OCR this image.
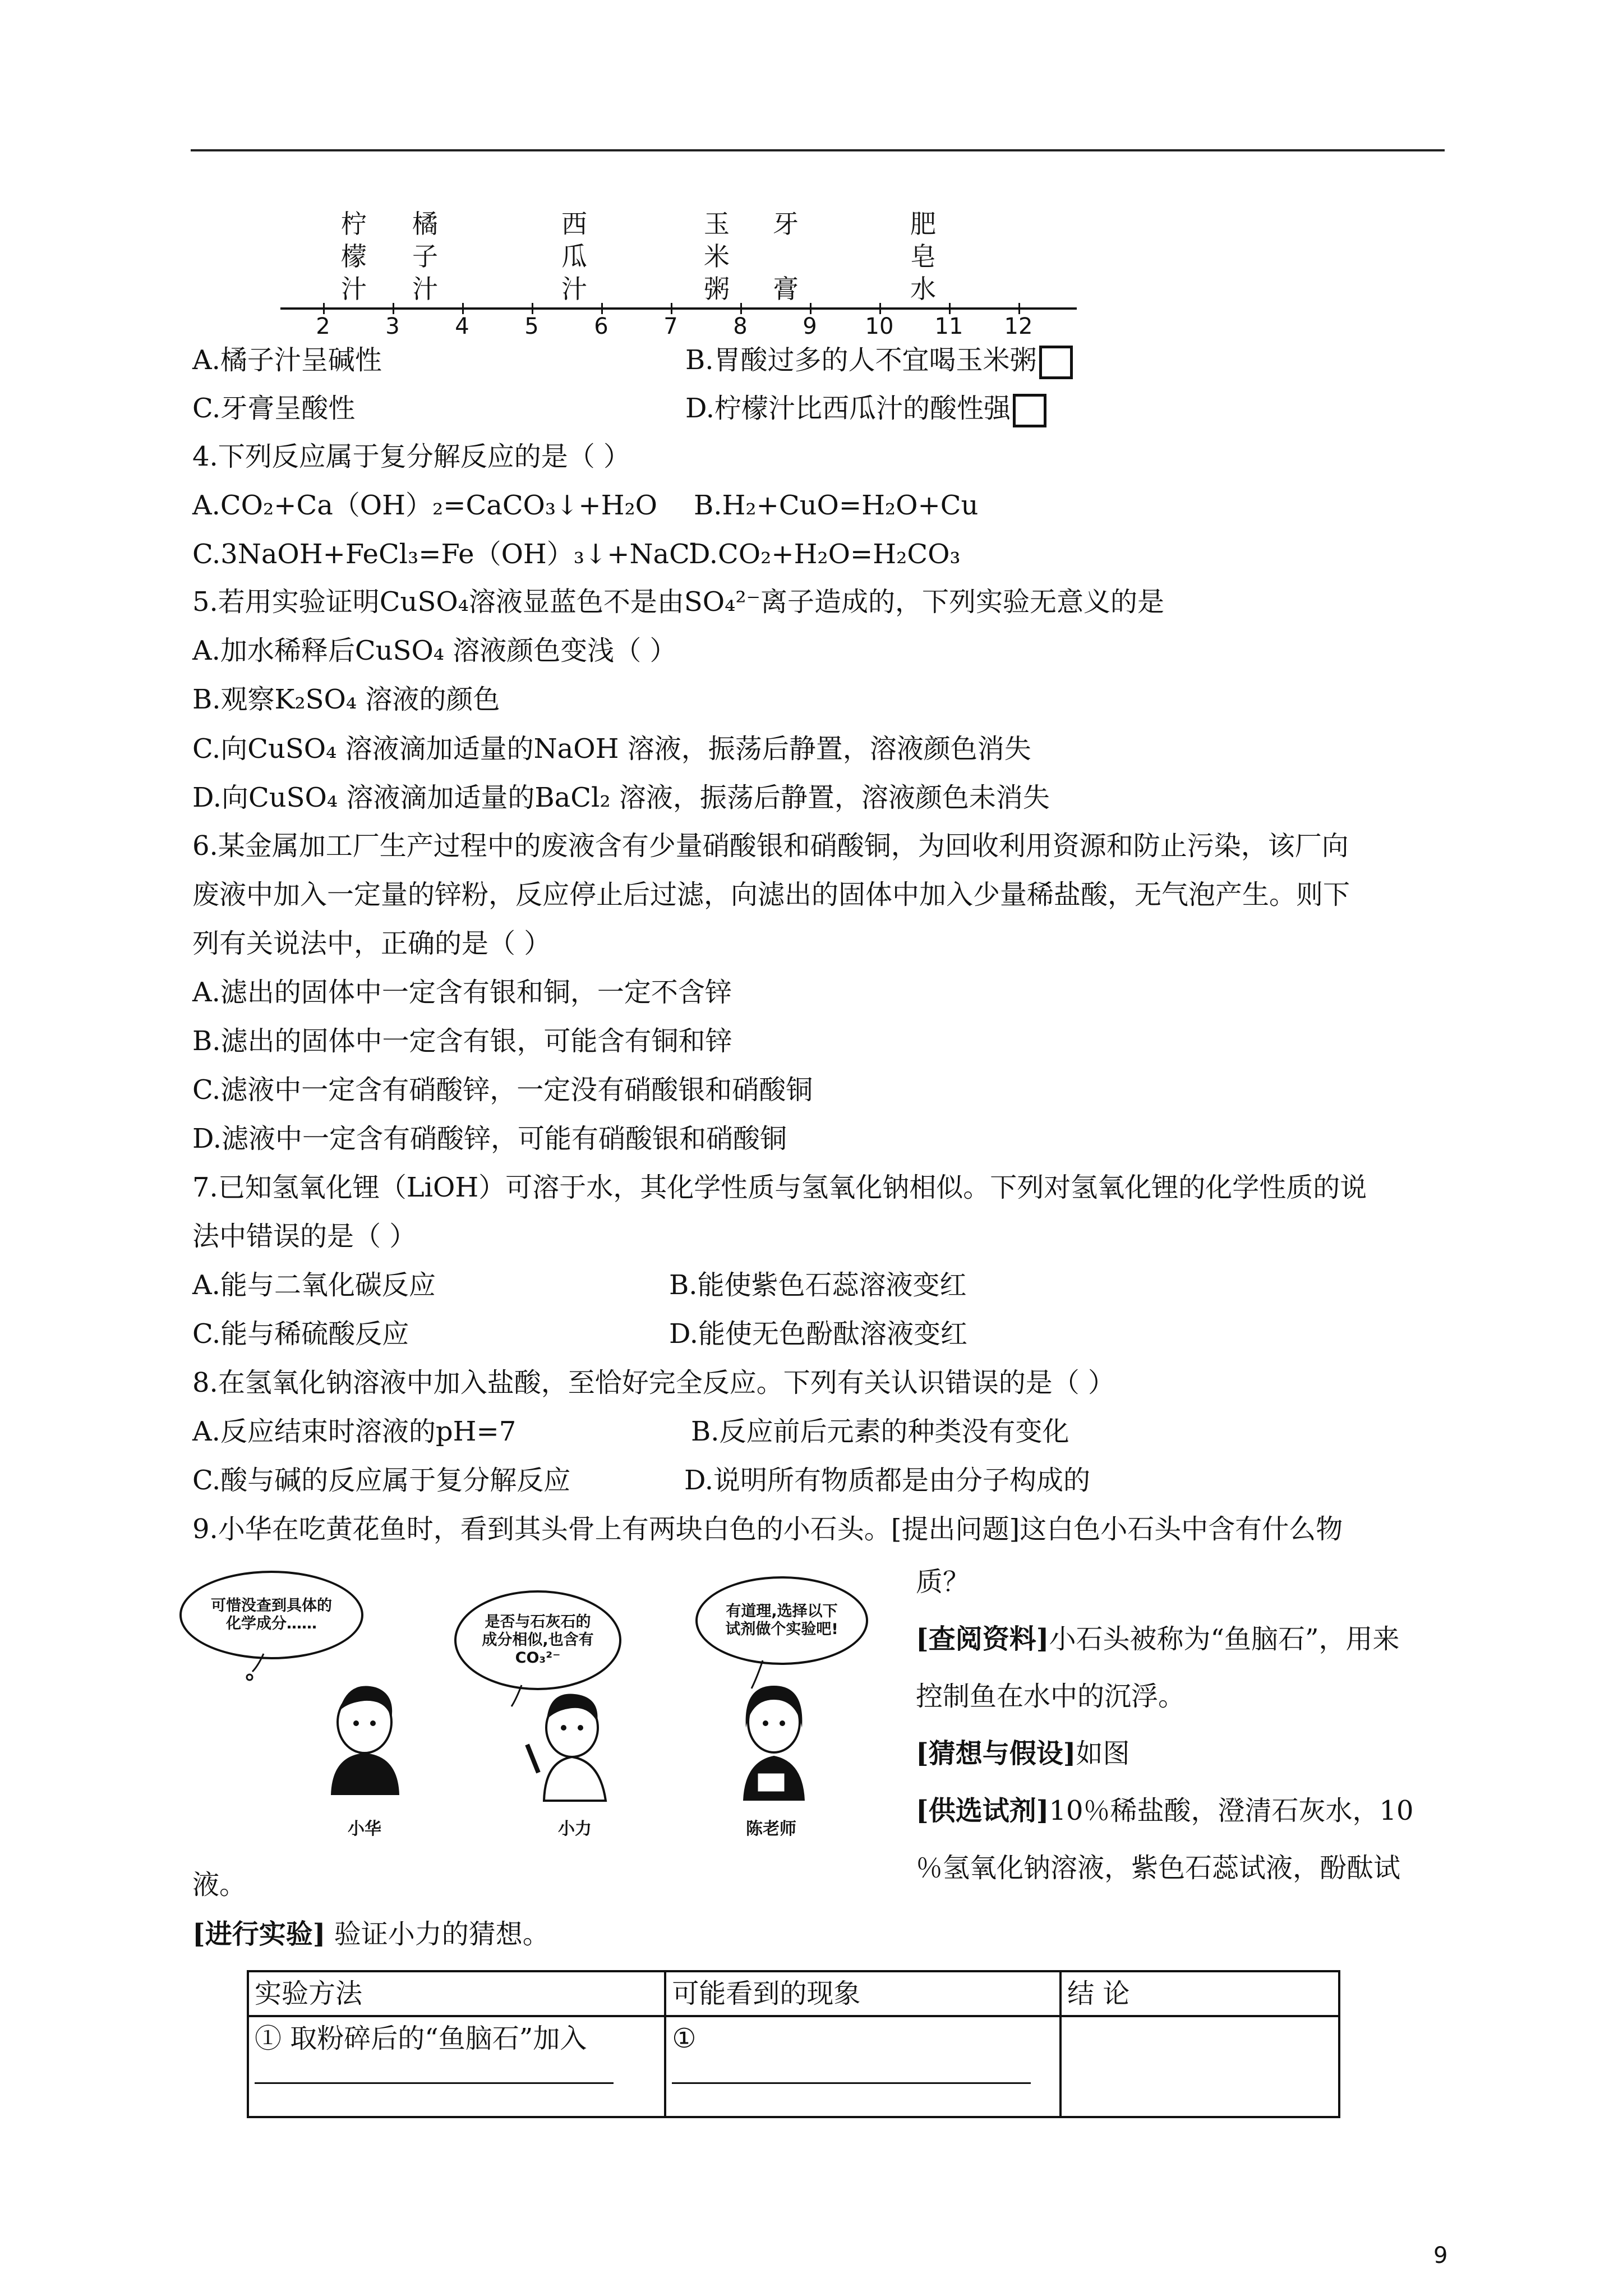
柠
檬
汁
橘
子
汁
西
瓜
汁
玉
米
粥
牙
膏
肥
皂
水
2	3	4	5	6	7	8	9	10 11 12
A.橘子汁呈碱性	B.胃酸过多的人不宜喝玉米粥
C.牙膏呈酸性	D.柠檬汁比西瓜汁的酸性强
4.下列反应属于复分解反应的是（ ）
A.CO₂+Ca（OH）₂=CaCO₃↓+H₂O B.H₂+CuO=H₂O+Cu
C.3NaOH+FeCl₃=Fe（OH）₃↓+NaCl
D.CO₂+H₂O=H₂CO₃
5.若用实验证明CuSO₄溶液显蓝色不是由SO₄²⁻离子造成的，下列实验无意义的是
A.加水稀释后CuSO₄ 溶液颜色变浅（ ）
B.观察K₂SO₄ 溶液的颜色
C.向CuSO₄ 溶液滴加适量的NaOH 溶液，振荡后静置，溶液颜色消失
D.向CuSO₄ 溶液滴加适量的BaCl₂ 溶液，振荡后静置，溶液颜色未消失
6.某金属加工厂生产过程中的废液含有少量硝酸银和硝酸铜，为回收利用资源和防止污染，该厂向
废液中加入一定量的锌粉，反应停止后过滤，向滤出的固体中加入少量稀盐酸，无气泡产生。则下
列有关说法中，正确的是（ ）
A.滤出的固体中一定含有银和铜，一定不含锌
B.滤出的固体中一定含有银，可能含有铜和锌
C.滤液中一定含有硝酸锌，一定没有硝酸银和硝酸铜
D.滤液中一定含有硝酸锌，可能有硝酸银和硝酸铜
7.已知氢氧化锂（LiOH）可溶于水，其化学性质与氢氧化钠相似。下列对氢氧化锂的化学性质的说
法中错误的是（ ）
A.能与二氧化碳反应	B.能使紫色石蕊溶液变红
C.能与稀硫酸反应	D.能使无色酚酞溶液变红
8.在氢氧化钠溶液中加入盐酸，至恰好完全反应。下列有关认识错误的是（ ）
A.反应结束时溶液的pH=7	B.反应前后元素的种类没有变化
C.酸与碱的反应属于复分解反应	D.说明所有物质都是由分子构成的
9.小华在吃黄花鱼时，看到其头骨上有两块白色的小石头。[提出问题]这白色小石头中含有什么物
可惜没查到具体的化学成分……	是否与石灰石的成分相似,也含有CO₃²⁻
有道理,选择以下试剂做个实验吧!
小华	小力	陈老师
质？
[查阅资料] 小石头被称为“鱼脑石”，用来
控制鱼在水中的沉浮。
[猜想与假设] 如图
[供选试剂] 10％稀盐酸，澄清石灰水，10
％氢氧化钠溶液，紫色石蕊试液，酚酞试
液。
[进行实验] 验证小力的猜想。
实验方法	可能看到的现象	结 论
① 取粉碎后的“鱼脑石”加入	①

9
